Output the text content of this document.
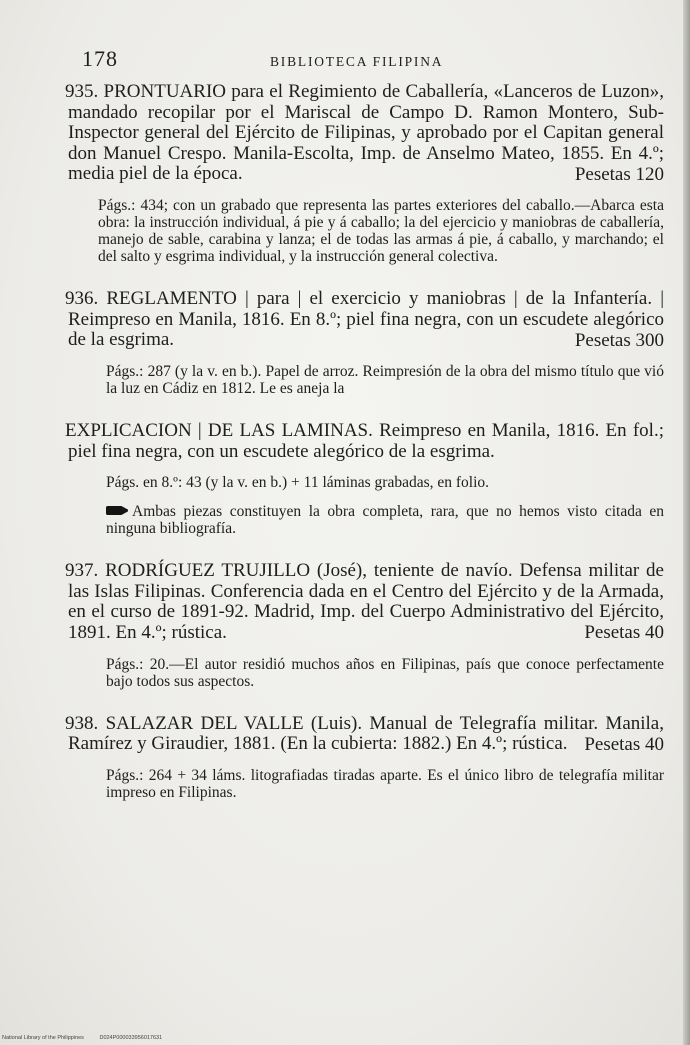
178	BIBLIOTECA FILIPINA

935. PRONTUARIO para el Regimiento de Caballería, «Lanceros de Luzon», mandado recopilar por el Mariscal de Campo D. Ramon Montero, Sub-Inspector general del Ejército de Filipinas, y aprobado por el Capitan general don Manuel Crespo. Manila-Escolta, Imp. de Anselmo Mateo, 1855. En 4.º; media piel de la época.	Pesetas 120

Págs.: 434; con un grabado que representa las partes exteriores del caballo.—Abarca esta obra: la instrucción individual, á pie y á caballo; la del ejercicio y maniobras de caballería, manejo de sable, carabina y lanza; el de todas las armas á pie, á caballo, y marchando; el del salto y esgrima individual, y la instrucción general colectiva.

936. REGLAMENTO | para | el exercicio y maniobras | de la Infantería. | Reimpreso en Manila, 1816. En 8.º; piel fina negra, con un escudete alegórico de la esgrima.	Pesetas 300

Págs.: 287 (y la v. en b.). Papel de arroz. Reimpresión de la obra del mismo título que vió la luz en Cádiz en 1812. Le es aneja la

EXPLICACION | DE LAS LAMINAS. Reimpreso en Manila, 1816. En fol.; piel fina negra, con un escudete alegórico de la esgrima.

Págs. en 8.º: 43 (y la v. en b.) + 11 láminas grabadas, en folio.

Ambas piezas constituyen la obra completa, rara, que no hemos visto citada en ninguna bibliografía.

937. RODRÍGUEZ TRUJILLO (José), teniente de navío. Defensa militar de las Islas Filipinas. Conferencia dada en el Centro del Ejército y de la Armada, en el curso de 1891-92. Madrid, Imp. del Cuerpo Administrativo del Ejército, 1891. En 4.º; rústica.	Pesetas 40

Págs.: 20.—El autor residió muchos años en Filipinas, país que conoce perfectamente bajo todos sus aspectos.

938. SALAZAR DEL VALLE (Luis). Manual de Telegrafía militar. Manila, Ramírez y Giraudier, 1881. (En la cubierta: 1882.) En 4.º; rústica. Pesetas 40

Págs.: 264 + 34 láms. litografiadas tiradas aparte. Es el único libro de telegrafía militar impreso en Filipinas.

National Library of the Philippines	D024P000033956017631
